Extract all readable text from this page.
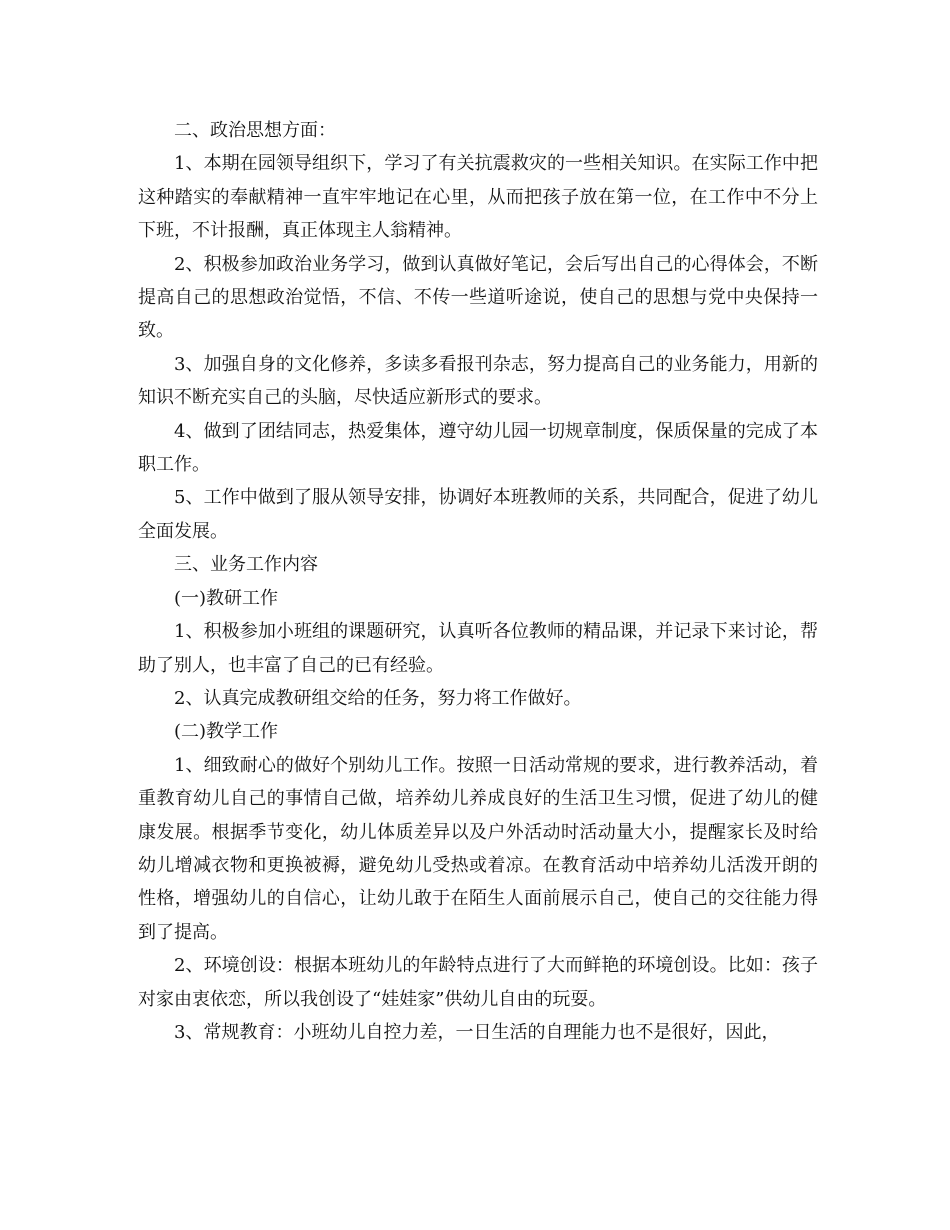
二、政治思想方面：

1、本期在园领导组织下，学习了有关抗震救灾的一些相关知识。在实际工作中把这种踏实的奉献精神一直牢牢地记在心里，从而把孩子放在第一位，在工作中不分上下班，不计报酬，真正体现主人翁精神。

2、积极参加政治业务学习，做到认真做好笔记，会后写出自己的心得体会，不断提高自己的思想政治觉悟，不信、不传一些道听途说，使自己的思想与党中央保持一致。

3、加强自身的文化修养，多读多看报刊杂志，努力提高自己的业务能力，用新的知识不断充实自己的头脑，尽快适应新形式的要求。

4、做到了团结同志，热爱集体，遵守幼儿园一切规章制度，保质保量的完成了本职工作。

5、工作中做到了服从领导安排，协调好本班教师的关系，共同配合，促进了幼儿全面发展。

三、业务工作内容

(一)教研工作

1、积极参加小班组的课题研究，认真听各位教师的精品课，并记录下来讨论，帮助了别人，也丰富了自己的已有经验。

2、认真完成教研组交给的任务，努力将工作做好。

(二)教学工作

1、细致耐心的做好个别幼儿工作。按照一日活动常规的要求，进行教养活动，着重教育幼儿自己的事情自己做，培养幼儿养成良好的生活卫生习惯，促进了幼儿的健康发展。根据季节变化，幼儿体质差异以及户外活动时活动量大小，提醒家长及时给幼儿增减衣物和更换被褥，避免幼儿受热或着凉。在教育活动中培养幼儿活泼开朗的性格，增强幼儿的自信心，让幼儿敢于在陌生人面前展示自己，使自己的交往能力得到了提高。

2、环境创设：根据本班幼儿的年龄特点进行了大而鲜艳的环境创设。比如：孩子对家由衷依恋，所以我创设了“娃娃家”供幼儿自由的玩耍。

3、常规教育：小班幼儿自控力差，一日生活的自理能力也不是很好，因此，
